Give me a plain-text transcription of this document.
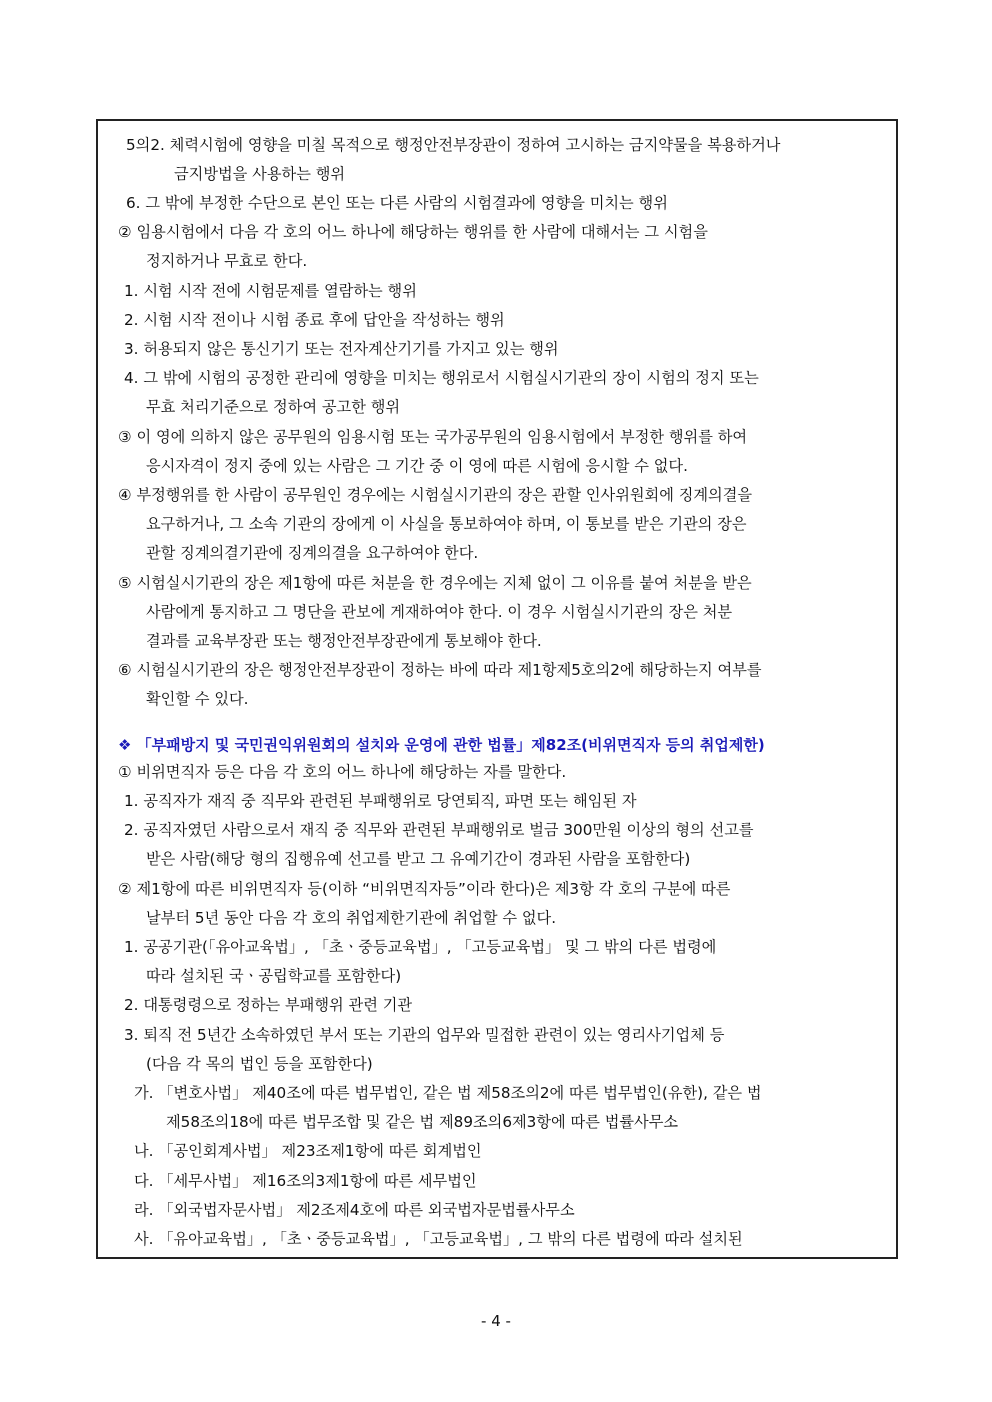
5의2. 체력시험에 영향을 미칠 목적으로 행정안전부장관이 정하여 고시하는 금지약물을 복용하거나
금지방법을 사용하는 행위
6. 그 밖에 부정한 수단으로 본인 또는 다른 사람의 시험결과에 영향을 미치는 행위
② 임용시험에서 다음 각 호의 어느 하나에 해당하는 행위를 한 사람에 대해서는 그 시험을
정지하거나 무효로 한다.
1. 시험 시작 전에 시험문제를 열람하는 행위
2. 시험 시작 전이나 시험 종료 후에 답안을 작성하는 행위
3. 허용되지 않은 통신기기 또는 전자계산기기를 가지고 있는 행위
4. 그 밖에 시험의 공정한 관리에 영향을 미치는 행위로서 시험실시기관의 장이 시험의 정지 또는
무효 처리기준으로 정하여 공고한 행위
③ 이 영에 의하지 않은 공무원의 임용시험 또는 국가공무원의 임용시험에서 부정한 행위를 하여
응시자격이 정지 중에 있는 사람은 그 기간 중 이 영에 따른 시험에 응시할 수 없다.
④ 부정행위를 한 사람이 공무원인 경우에는 시험실시기관의 장은 관할 인사위원회에 징계의결을
요구하거나, 그 소속 기관의 장에게 이 사실을 통보하여야 하며, 이 통보를 받은 기관의 장은
관할 징계의결기관에 징계의결을 요구하여야 한다.
⑤ 시험실시기관의 장은 제1항에 따른 처분을 한 경우에는 지체 없이 그 이유를 붙여 처분을 받은
사람에게 통지하고 그 명단을 관보에 게재하여야 한다. 이 경우 시험실시기관의 장은 처분
결과를 교육부장관 또는 행정안전부장관에게 통보해야 한다.
⑥ 시험실시기관의 장은 행정안전부장관이 정하는 바에 따라 제1항제5호의2에 해당하는지 여부를
확인할 수 있다.
❖ 「부패방지 및 국민권익위원회의 설치와 운영에 관한 법률」제82조(비위면직자 등의 취업제한)
① 비위면직자 등은 다음 각 호의 어느 하나에 해당하는 자를 말한다.
1. 공직자가 재직 중 직무와 관련된 부패행위로 당연퇴직, 파면 또는 해임된 자
2. 공직자였던 사람으로서 재직 중 직무와 관련된 부패행위로 벌금 300만원 이상의 형의 선고를
받은 사람(해당 형의 집행유예 선고를 받고 그 유예기간이 경과된 사람을 포함한다)
② 제1항에 따른 비위면직자 등(이하 “비위면직자등”이라 한다)은 제3항 각 호의 구분에 따른
날부터 5년 동안 다음 각 호의 취업제한기관에 취업할 수 없다.
1. 공공기관(「유아교육법」, 「초ㆍ중등교육법」, 「고등교육법」 및 그 밖의 다른 법령에
따라 설치된 국ㆍ공립학교를 포함한다)
2. 대통령령으로 정하는 부패행위 관련 기관
3. 퇴직 전 5년간 소속하였던 부서 또는 기관의 업무와 밀접한 관련이 있는 영리사기업체 등
(다음 각 목의 법인 등을 포함한다)
가. 「변호사법」 제40조에 따른 법무법인, 같은 법 제58조의2에 따른 법무법인(유한), 같은 법
제58조의18에 따른 법무조합 및 같은 법 제89조의6제3항에 따른 법률사무소
나. 「공인회계사법」 제23조제1항에 따른 회계법인
다. 「세무사법」 제16조의3제1항에 따른 세무법인
라. 「외국법자문사법」 제2조제4호에 따른 외국법자문법률사무소
사. 「유아교육법」, 「초ㆍ중등교육법」, 「고등교육법」, 그 밖의 다른 법령에 따라 설치된
- 4 -
